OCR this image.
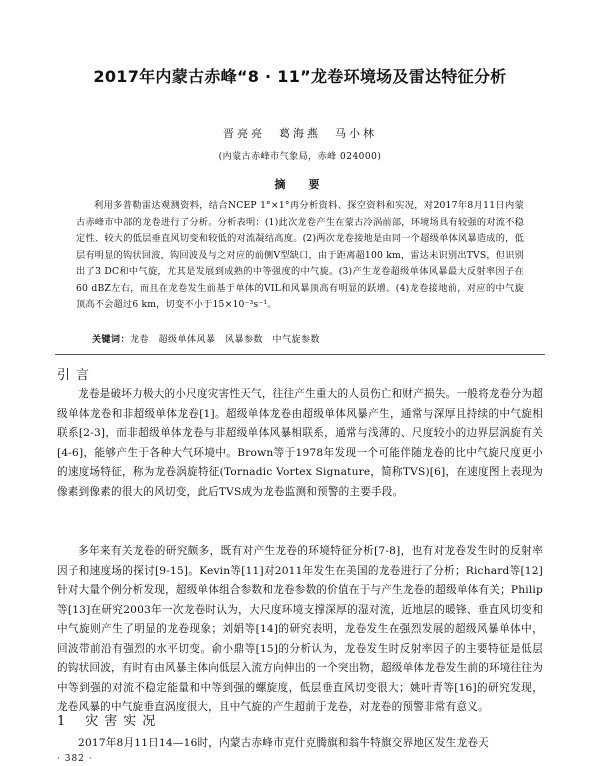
2017年内蒙古赤峰“8 · 11”龙卷环境场及雷达特征分析
晋亮亮　葛海燕　马小林
(内蒙古赤峰市气象局，赤峰 024000)
摘　要
利用多普勒雷达观测资料，结合NCEP 1°×1°再分析资料、探空资料和实况，对2017年8月11日内蒙古赤峰市中部的龙卷进行了分析。分析表明：(1)此次龙卷产生在蒙古冷涡前部，环境场具有较强的对流不稳定性、较大的低层垂直风切变和较低的对流凝结高度。(2)两次龙卷接地是由同一个超级单体风暴造成的，低层有明显的钩状回波，钩回波及与之对应的前侧V型缺口，由于距离超100 km，雷达未识别出TVS，但识别出了3 DC和中气旋，尤其是发展到成熟的中等强度的中气旋。(3)产生龙卷超级单体风暴最大反射率因子在60 dBZ左右，而且在龙卷发生前基于单体的VIL和风暴顶高有明显的跃增。(4)龙卷接地前，对应的中气旋顶高不会超过6 km，切变不小于15×10⁻³s⁻¹。
关键词：龙卷　超级单体风暴　风暴参数　中气旋参数
引言
龙卷是破坏力极大的小尺度灾害性天气，往往产生重大的人员伤亡和财产损失。一般将龙卷分为超级单体龙卷和非超级单体龙卷[1]。超级单体龙卷由超级单体风暴产生，通常与深厚且持续的中气旋相联系[2-3]，而非超级单体龙卷与非超级单体风暴相联系，通常与浅薄的、尺度较小的边界层涡旋有关[4-6]，能够产生于各种大气环境中。Brown等于1978年发现一个可能伴随龙卷的比中气旋尺度更小的速度场特征，称为龙卷涡旋特征(Tornadic Vortex Signature，简称TVS)[6]，在速度图上表现为像素到像素的很大的风切变，此后TVS成为龙卷监测和预警的主要手段。
多年来有关龙卷的研究颇多，既有对产生龙卷的环境特征分析[7-8]，也有对龙卷发生时的反射率因子和速度场的探讨[9-15]。Kevin等[11]对2011年发生在美国的龙卷进行了分析；Richard等[12]针对大量个例分析发现，超级单体组合参数和龙卷参数的价值在于与产生龙卷的超级单体有关；Philip等[13]在研究2003年一次龙卷时认为，大尺度环境支撑深厚的湿对流，近地层的暖锋、垂直风切变和中气旋则产生了明显的龙卷现象；刘娟等[14]的研究表明，龙卷发生在强烈发展的超级风暴单体中，回波带前沿有强烈的水平切变。俞小鼎等[15]的分析认为，龙卷发生时反射率因子的主要特征是低层的钩状回波，有时有由风暴主体向低层入流方向伸出的一个突出物，超级单体龙卷发生前的环境往往为中等到强的对流不稳定能量和中等到强的螺旋度，低层垂直风切变很大；姚叶青等[16]的研究发现，龙卷风暴的中气旋垂直涡度很大，且中气旋的产生超前于龙卷，对龙卷的预警非常有意义。
1 灾害实况
2017年8月11日14—16时，内蒙古赤峰市克什克腾旗和翁牛特旗交界地区发生龙卷天
· 382 ·
